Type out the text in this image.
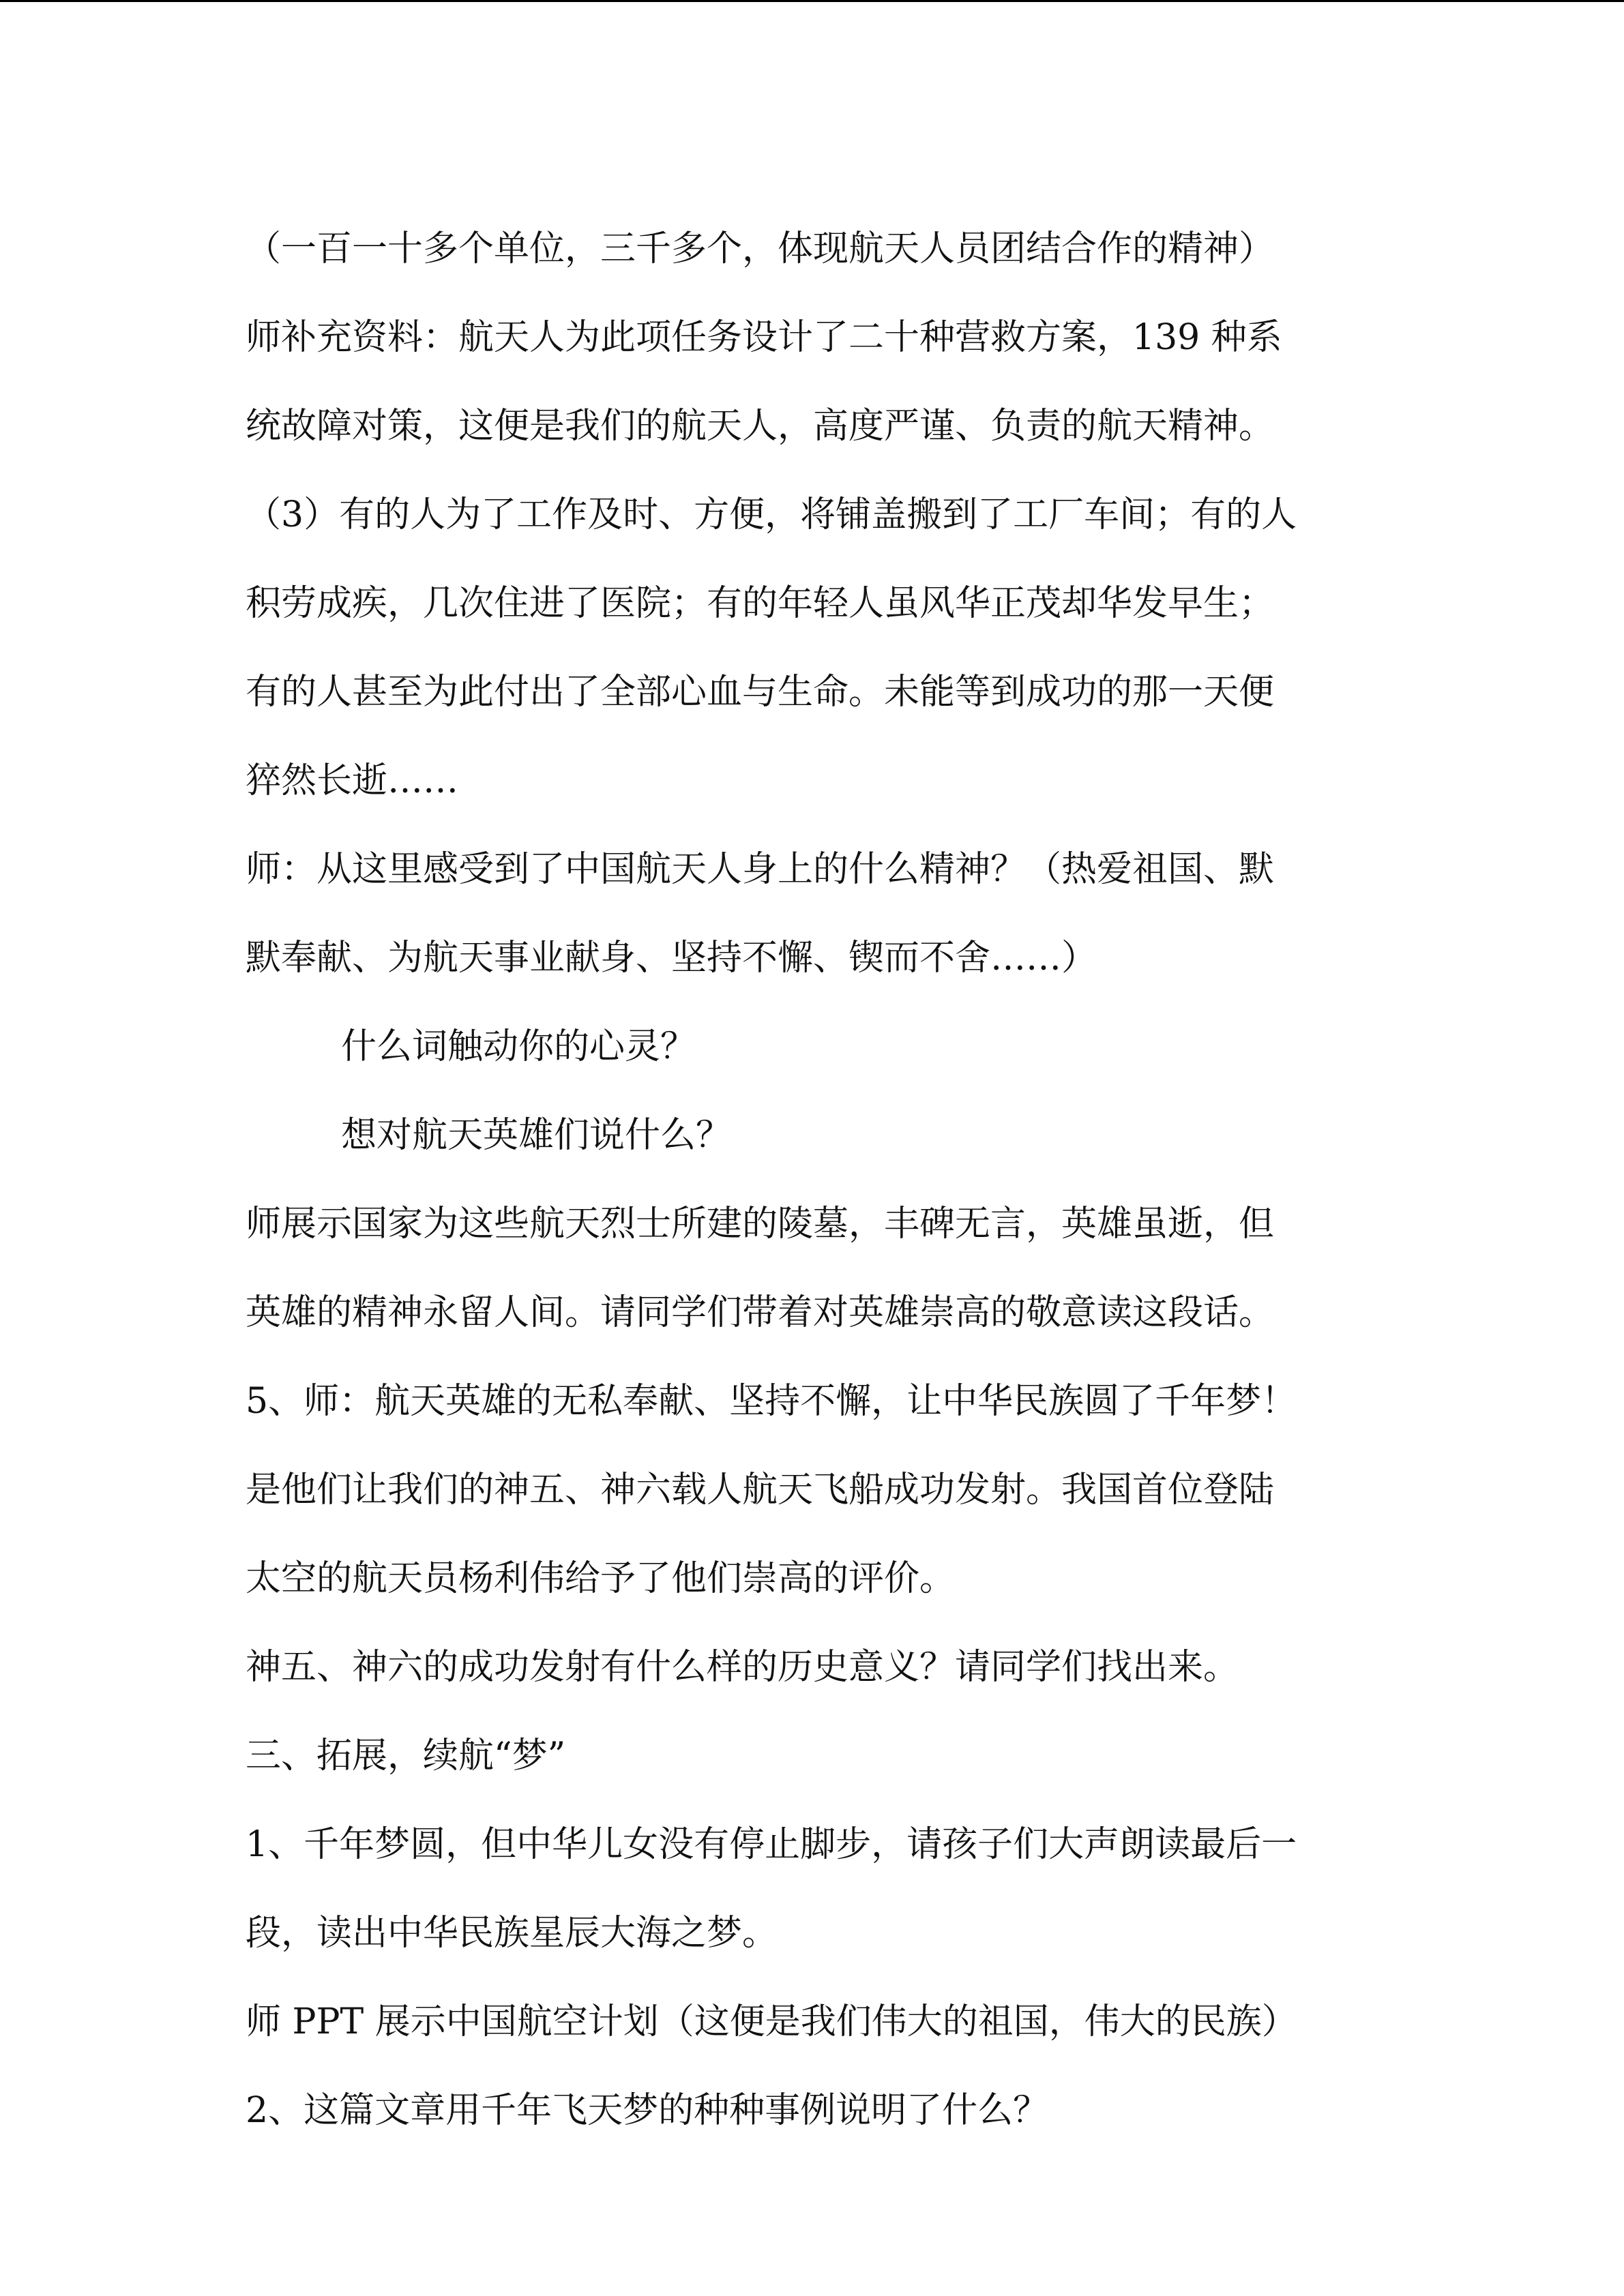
（一百一十多个单位，三千多个，体现航天人员团结合作的精神）
师补充资料：航天人为此项任务设计了二十种营救方案，139 种系
统故障对策，这便是我们的航天人，高度严谨、负责的航天精神。
（3）有的人为了工作及时、方便，将铺盖搬到了工厂车间；有的人
积劳成疾，几次住进了医院；有的年轻人虽风华正茂却华发早生；
有的人甚至为此付出了全部心血与生命。未能等到成功的那一天便
猝然长逝……
师：从这里感受到了中国航天人身上的什么精神？（热爱祖国、默
默奉献、为航天事业献身、坚持不懈、锲而不舍……）
什么词触动你的心灵？
想对航天英雄们说什么？
师展示国家为这些航天烈士所建的陵墓，丰碑无言，英雄虽逝，但
英雄的精神永留人间。请同学们带着对英雄崇高的敬意读这段话。
5、师：航天英雄的无私奉献、坚持不懈，让中华民族圆了千年梦！
是他们让我们的神五、神六载人航天飞船成功发射。我国首位登陆
太空的航天员杨利伟给予了他们崇高的评价。
神五、神六的成功发射有什么样的历史意义？请同学们找出来。
三、拓展，续航“梦”
1、千年梦圆，但中华儿女没有停止脚步，请孩子们大声朗读最后一
段，读出中华民族星辰大海之梦。
师 PPT 展示中国航空计划（这便是我们伟大的祖国，伟大的民族）
2、这篇文章用千年飞天梦的种种事例说明了什么？
